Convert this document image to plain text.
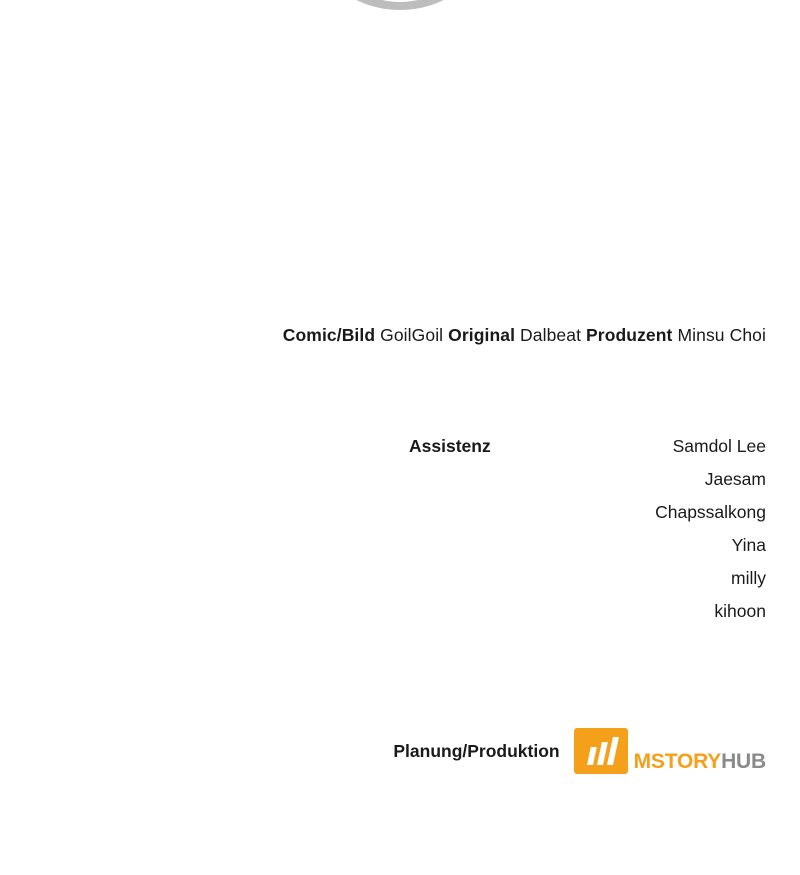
Comic/Bild GoilGoil Original Dalbeat Produzent Minsu Choi
Assistenz	Samdol Lee
Jaesam
Chapssalkong
Yina
milly
kihoon
Planung/Produktion	MSTORY HUB
